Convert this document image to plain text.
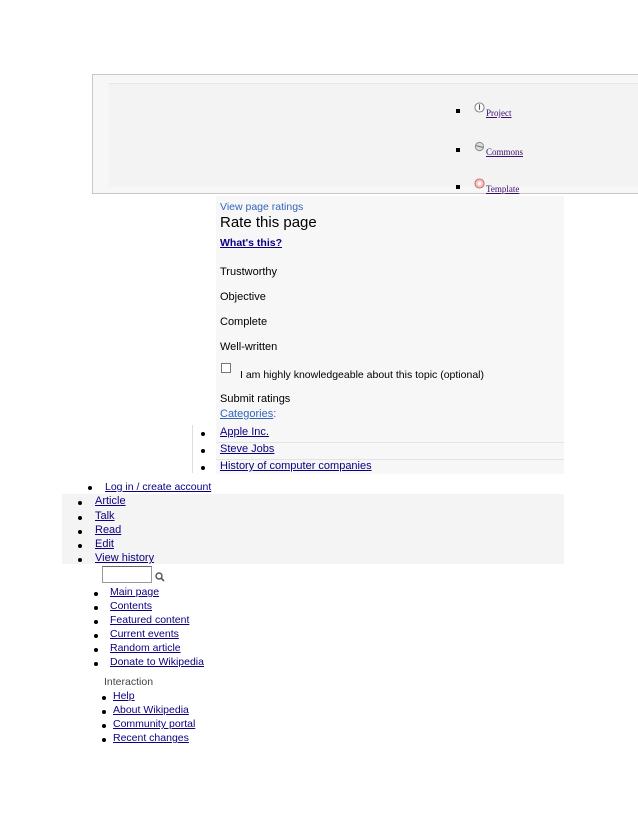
Project
Commons
Template
View page ratings
Rate this page
What's this?
Trustworthy
Objective
Complete
Well-written
I am highly knowledgeable about this topic (optional)
Submit ratings
Categories:
Apple Inc.
Steve Jobs
History of computer companies
Log in / create account
Article
Talk
Read
Edit
View history
Main page
Contents
Featured content
Current events
Random article
Donate to Wikipedia
Interaction
Help
About Wikipedia
Community portal
Recent changes
